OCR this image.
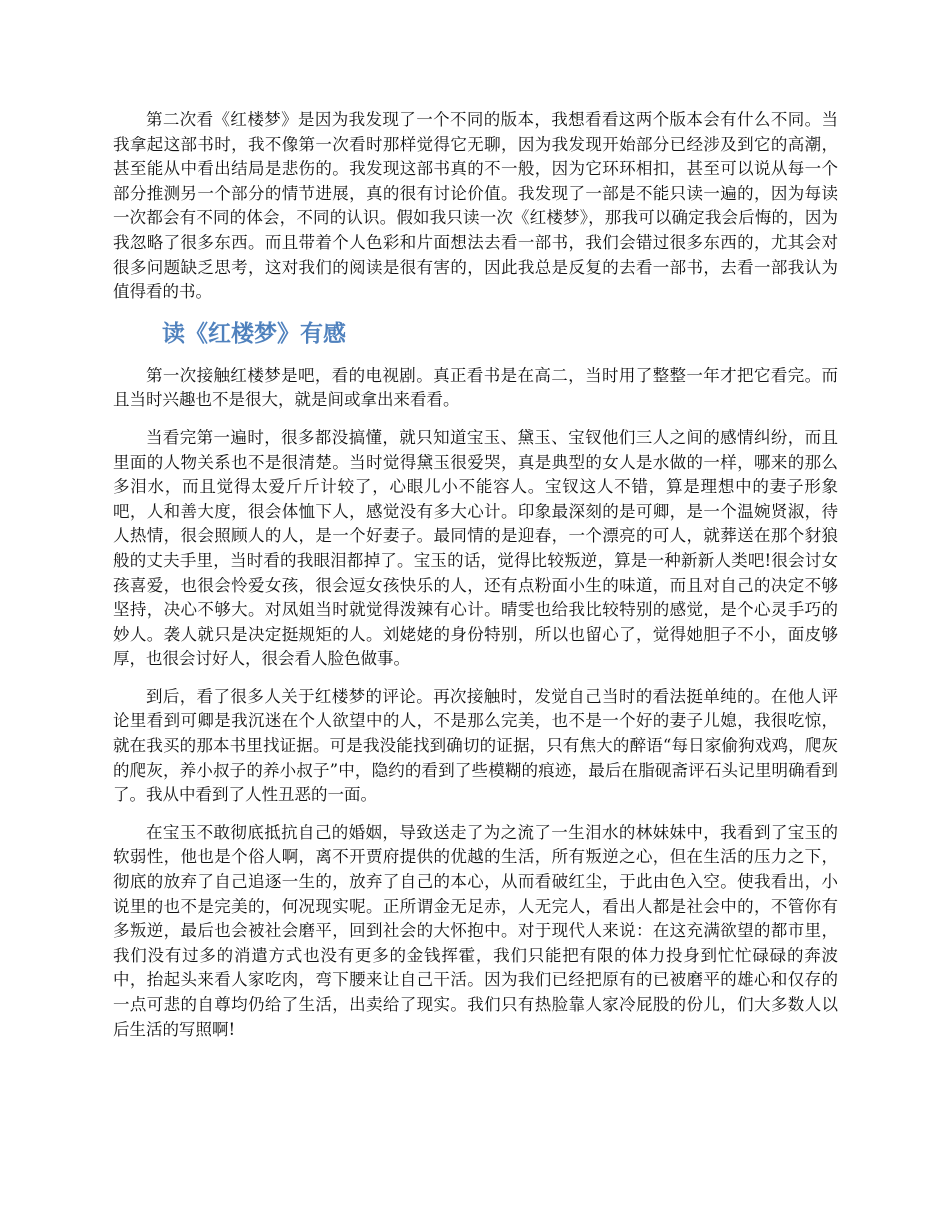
第二次看《红楼梦》是因为我发现了一个不同的版本，我想看看这两个版本会有什么不同。当我拿起这部书时，我不像第一次看时那样觉得它无聊，因为我发现开始部分已经涉及到它的高潮，甚至能从中看出结局是悲伤的。我发现这部书真的不一般，因为它环环相扣，甚至可以说从每一个部分推测另一个部分的情节进展，真的很有讨论价值。我发现了一部是不能只读一遍的，因为每读一次都会有不同的体会，不同的认识。假如我只读一次《红楼梦》，那我可以确定我会后悔的，因为我忽略了很多东西。而且带着个人色彩和片面想法去看一部书，我们会错过很多东西的，尤其会对很多问题缺乏思考，这对我们的阅读是很有害的，因此我总是反复的去看一部书，去看一部我认为值得看的书。

读《红楼梦》有感

第一次接触红楼梦是吧，看的电视剧。真正看书是在高二，当时用了整整一年才把它看完。而且当时兴趣也不是很大，就是间或拿出来看看。

当看完第一遍时，很多都没搞懂，就只知道宝玉、黛玉、宝钗他们三人之间的感情纠纷，而且里面的人物关系也不是很清楚。当时觉得黛玉很爱哭，真是典型的女人是水做的一样，哪来的那么多泪水，而且觉得太爱斤斤计较了，心眼儿小不能容人。宝钗这人不错，算是理想中的妻子形象吧，人和善大度，很会体恤下人，感觉没有多大心计。印象最深刻的是可卿，是一个温婉贤淑，待人热情，很会照顾人的人，是一个好妻子。最同情的是迎春，一个漂亮的可人，就葬送在那个豺狼般的丈夫手里，当时看的我眼泪都掉了。宝玉的话，觉得比较叛逆，算是一种新新人类吧!很会讨女孩喜爱，也很会怜爱女孩，很会逗女孩快乐的人，还有点粉面小生的味道，而且对自己的决定不够坚持，决心不够大。对凤姐当时就觉得泼辣有心计。晴雯也给我比较特别的感觉，是个心灵手巧的妙人。袭人就只是决定挺规矩的人。刘姥姥的身份特别，所以也留心了，觉得她胆子不小，面皮够厚，也很会讨好人，很会看人脸色做事。

到后，看了很多人关于红楼梦的评论。再次接触时，发觉自己当时的看法挺单纯的。在他人评论里看到可卿是我沉迷在个人欲望中的人，不是那么完美，也不是一个好的妻子儿媳，我很吃惊，就在我买的那本书里找证据。可是我没能找到确切的证据，只有焦大的醉语“每日家偷狗戏鸡，爬灰的爬灰，养小叔子的养小叔子”中，隐约的看到了些模糊的痕迹，最后在脂砚斋评石头记里明确看到了。我从中看到了人性丑恶的一面。

在宝玉不敢彻底抵抗自己的婚姻，导致送走了为之流了一生泪水的林妹妹中，我看到了宝玉的软弱性，他也是个俗人啊，离不开贾府提供的优越的生活，所有叛逆之心，但在生活的压力之下，彻底的放弃了自己追逐一生的，放弃了自己的本心，从而看破红尘，于此由色入空。使我看出，小说里的也不是完美的，何况现实呢。正所谓金无足赤，人无完人，看出人都是社会中的，不管你有多叛逆，最后也会被社会磨平，回到社会的大怀抱中。对于现代人来说：在这充满欲望的都市里，我们没有过多的消遣方式也没有更多的金钱挥霍，我们只能把有限的体力投身到忙忙碌碌的奔波中，抬起头来看人家吃肉，弯下腰来让自己干活。因为我们已经把原有的已被磨平的雄心和仅存的一点可悲的自尊均仍给了生活，出卖给了现实。我们只有热脸靠人家冷屁股的份儿，们大多数人以后生活的写照啊!
